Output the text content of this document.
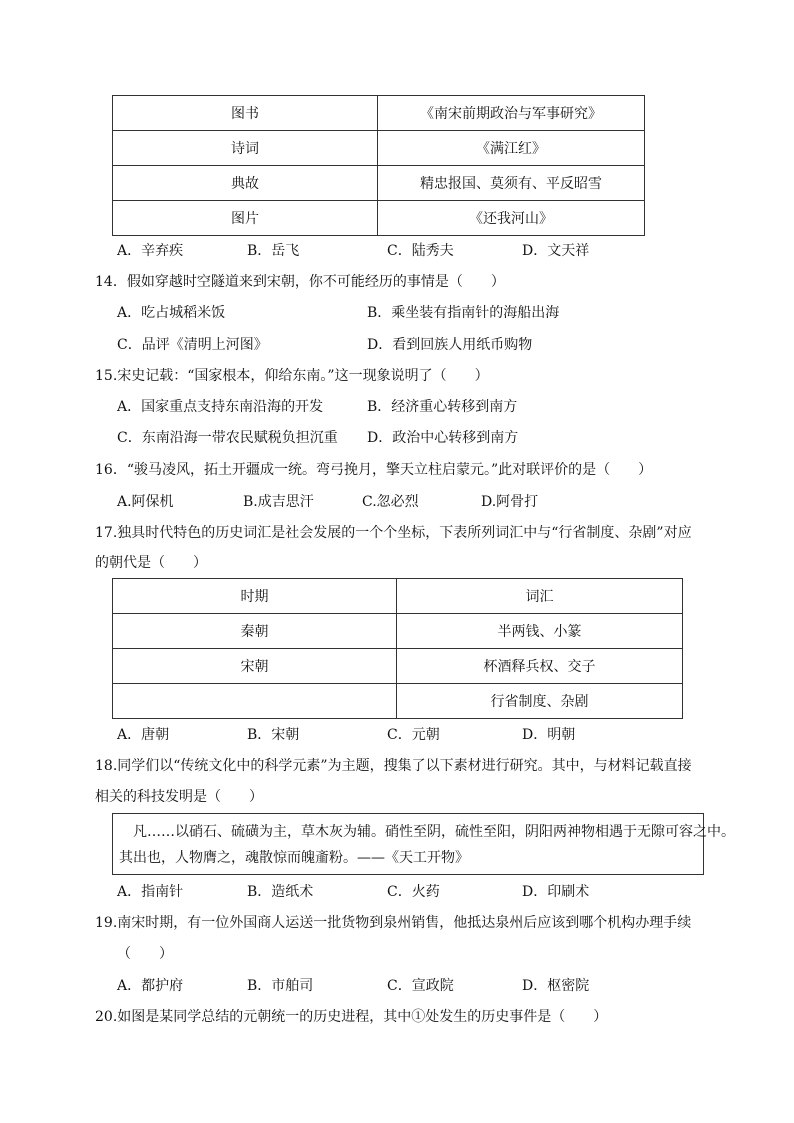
图书	《南宋前期政治与军事研究》
诗词	《满江红》
典故	精忠报国、莫须有、平反昭雪
图片	《还我河山》
A．辛弃疾	B．岳飞	C．陆秀夫	D．文天祥
14．假如穿越时空隧道来到宋朝，你不可能经历的事情是（　　）
A．吃占城稻米饭	B．乘坐装有指南针的海船出海
C．品评《清明上河图》	D．看到回族人用纸币购物
15.宋史记载：“国家根本，仰给东南。”这一现象说明了（　　）
A．国家重点支持东南沿海的开发	B．经济重心转移到南方
C．东南沿海一带农民赋税负担沉重 D．政治中心转移到南方
16．“骏马凌风，拓土开疆成一统。弯弓挽月，擎天立柱启蒙元。”此对联评价的是（　　）
A.阿保机	B.成吉思汗	C.忽必烈	D.阿骨打
17.独具时代特色的历史词汇是社会发展的一个个坐标，下表所列词汇中与“行省制度、杂剧”对应
的朝代是（　　）
时期	词汇
秦朝	半两钱、小篆
宋朝	杯酒释兵权、交子
	行省制度、杂剧
A．唐朝	B．宋朝	C．元朝	D．明朝
18.同学们以“传统文化中的科学元素”为主题，搜集了以下素材进行研究。其中，与材料记载直接
相关的科技发明是（　　）
凡……以硝石、硫磺为主，草木灰为辅。硝性至阴，硫性至阳，阴阳两神物相遇于无隙可容之中。
其出也，人物膺之，魂散惊而魄齑粉。——《天工开物》
A．指南针	B．造纸术	C．火药	D．印刷术
19.南宋时期，有一位外国商人运送一批货物到泉州销售，他抵达泉州后应该到哪个机构办理手续
（　　）
A．都护府	B．市舶司	C．宣政院	D．枢密院
20.如图是某同学总结的元朝统一的历史进程，其中①处发生的历史事件是（　　）
